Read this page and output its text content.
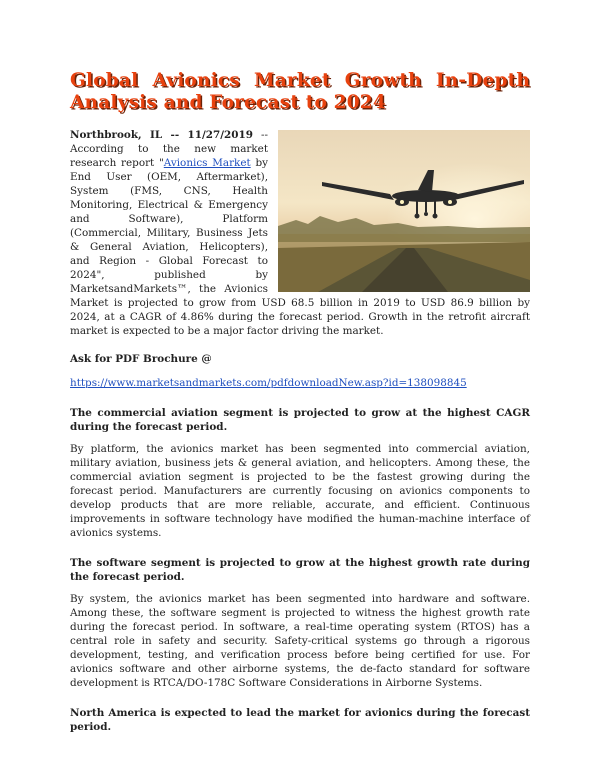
Global Avionics Market Growth In-Depth Analysis and Forecast to 2024

Northbrook, IL -- 11/27/2019 -- According to the new market research report "Avionics Market by End User (OEM, Aftermarket), System (FMS, CNS, Health Monitoring, Electrical & Emergency and Software), Platform (Commercial, Military, Business Jets & General Aviation, Helicopters), and Region - Global Forecast to 2024", published by MarketsandMarkets™, the Avionics Market is projected to grow from USD 68.5 billion in 2019 to USD 86.9 billion by 2024, at a CAGR of 4.86% during the forecast period. Growth in the retrofit aircraft market is expected to be a major factor driving the market.

Ask for PDF Brochure @

https://www.marketsandmarkets.com/pdfdownloadNew.asp?id=138098845

The commercial aviation segment is projected to grow at the highest CAGR during the forecast period.

By platform, the avionics market has been segmented into commercial aviation, military aviation, business jets & general aviation, and helicopters. Among these, the commercial aviation segment is projected to be the fastest growing during the forecast period. Manufacturers are currently focusing on avionics components to develop products that are more reliable, accurate, and efficient. Continuous improvements in software technology have modified the human-machine interface of avionics systems.

The software segment is projected to grow at the highest growth rate during the forecast period.

By system, the avionics market has been segmented into hardware and software. Among these, the software segment is projected to witness the highest growth rate during the forecast period. In software, a real-time operating system (RTOS) has a central role in safety and security. Safety-critical systems go through a rigorous development, testing, and verification process before being certified for use. For avionics software and other airborne systems, the de-facto standard for software development is RTCA/DO-178C Software Considerations in Airborne Systems.

North America is expected to lead the market for avionics during the forecast period.
